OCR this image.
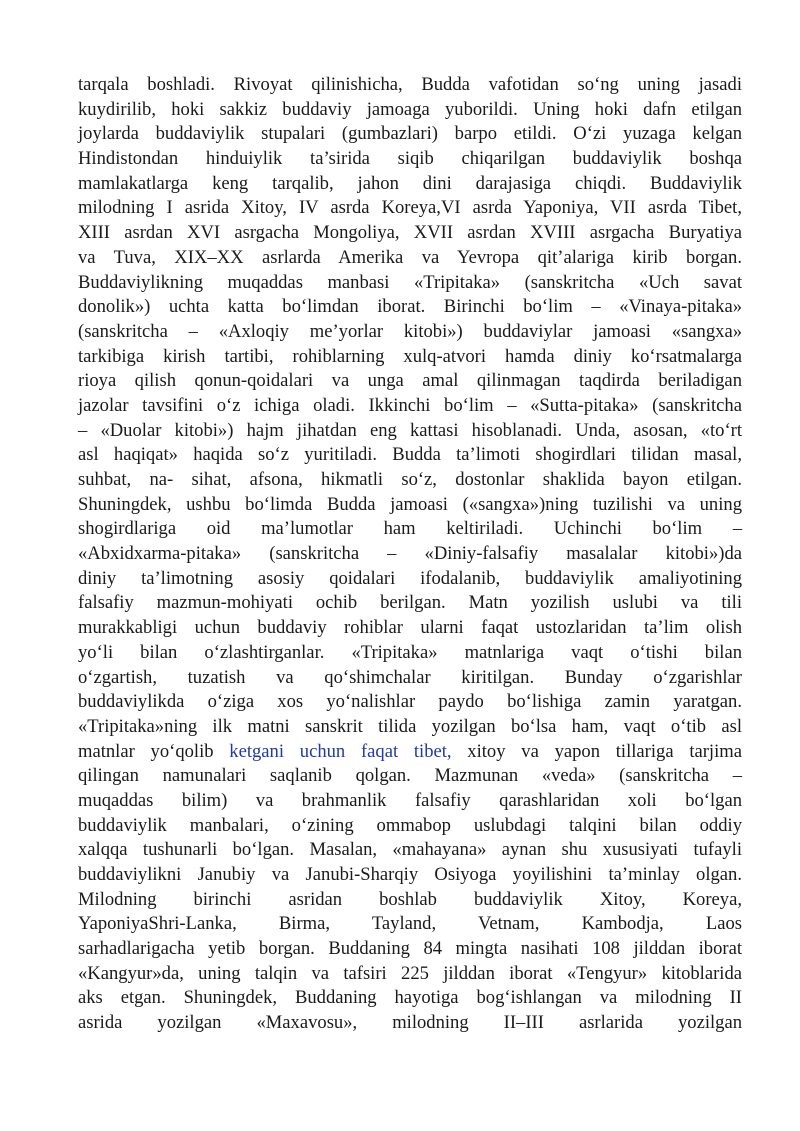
tarqala boshladi. Rivoyat qilinishicha, Budda vafotidan so‘ng uning jasadi
kuydirilib, hoki sakkiz buddaviy jamoaga yuborildi. Uning hoki dafn etilgan
joylarda buddaviylik stupalari (gumbazlari) barpo etildi. O‘zi yuzaga kelgan
Hindistondan hinduiylik ta’sirida siqib chiqarilgan buddaviylik boshqa
mamlakatlarga keng tarqalib, jahon dini darajasiga chiqdi. Buddaviylik
milodning I asrida Xitoy, IV asrda Koreya,VI asrda Yaponiya, VII asrda Tibet,
XIII asrdan XVI asrgacha Mongoliya, XVII asrdan XVIII asrgacha Buryatiya
va Tuva, XIX–XX asrlarda Amerika va Yevropa qit’alariga kirib borgan.
Buddaviylikning muqaddas manbasi «Tripitaka» (sanskritcha «Uch savat
donolik») uchta katta bo‘limdan iborat. Birinchi bo‘lim – «Vinaya-pitaka»
(sanskritcha – «Axloqiy me’yorlar kitobi») buddaviylar jamoasi «sangxa»
tarkibiga kirish tartibi, rohiblarning xulq-atvori hamda diniy ko‘rsatmalarga
rioya qilish qonun-qoidalari va unga amal qilinmagan taqdirda beriladigan
jazolar tavsifini o‘z ichiga oladi. Ikkinchi bo‘lim – «Sutta-pitaka» (sanskritcha
– «Duolar kitobi») hajm jihatdan eng kattasi hisoblanadi. Unda, asosan, «to‘rt
asl haqiqat» haqida so‘z yuritiladi. Budda ta’limoti shogirdlari tilidan masal,
suhbat, na- sihat, afsona, hikmatli so‘z, dostonlar shaklida bayon etilgan.
Shuningdek, ushbu bo‘limda Budda jamoasi («sangxa»)ning tuzilishi va uning
shogirdlariga oid ma’lumotlar ham keltiriladi. Uchinchi bo‘lim –
«Abxidxarma-pitaka» (sanskritcha – «Diniy-falsafiy masalalar kitobi»)da
diniy ta’limotning asosiy qoidalari ifodalanib, buddaviylik amaliyotining
falsafiy mazmun-mohiyati ochib berilgan. Matn yozilish uslubi va tili
murakkabligi uchun buddaviy rohiblar ularni faqat ustozlaridan ta’lim olish
yo‘li bilan o‘zlashtirganlar. «Tripitaka» matnlariga vaqt o‘tishi bilan
o‘zgartish, tuzatish va qo‘shimchalar kiritilgan. Bunday o‘zgarishlar
buddaviylikda o‘ziga xos yo‘nalishlar paydo bo‘lishiga zamin yaratgan.
«Tripitaka»ning ilk matni sanskrit tilida yozilgan bo‘lsa ham, vaqt o‘tib asl
matnlar yo‘qolib ketgani uchun faqat tibet, xitoy va yapon tillariga tarjima
qilingan namunalari saqlanib qolgan. Mazmunan «veda» (sanskritcha –
muqaddas bilim) va brahmanlik falsafiy qarashlaridan xoli bo‘lgan
buddaviylik manbalari, o‘zining ommabop uslubdagi talqini bilan oddiy
xalqqa tushunarli bo‘lgan. Masalan, «mahayana» aynan shu xususiyati tufayli
buddaviylikni Janubiy va Janubi-Sharqiy Osiyoga yoyilishini ta’minlay olgan.
Milodning birinchi asridan boshlab buddaviylik Xitoy, Koreya,
YaponiyaShri-Lanka, Birma, Tayland, Vetnam, Kambodja, Laos
sarhadlarigacha yetib borgan. Buddaning 84 mingta nasihati 108 jilddan iborat
«Kangyur»da, uning talqin va tafsiri 225 jilddan iborat «Tengyur» kitoblarida
aks etgan. Shuningdek, Buddaning hayotiga bog‘ishlangan va milodning II
asrida yozilgan «Maxavosu», milodning II–III asrlarida yozilgan
